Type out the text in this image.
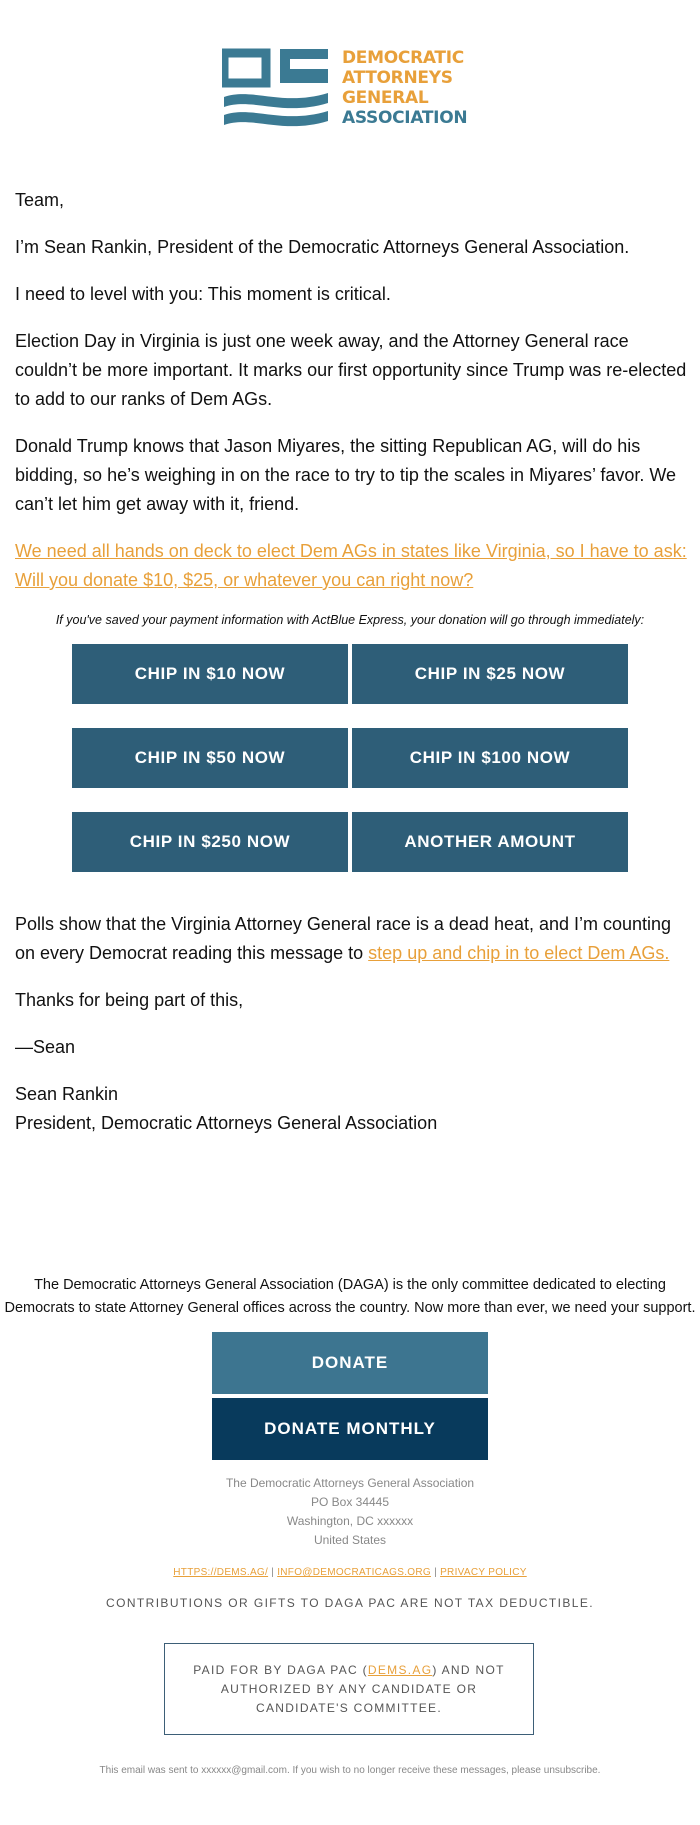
DEMOCRATIC
ATTORNEYS
GENERAL
ASSOCIATION

Team,

I’m Sean Rankin, President of the Democratic Attorneys General Association.

I need to level with you: This moment is critical.

Election Day in Virginia is just one week away, and the Attorney General race couldn’t be more important. It marks our first opportunity since Trump was re-elected to add to our ranks of Dem AGs.

Donald Trump knows that Jason Miyares, the sitting Republican AG, will do his bidding, so he’s weighing in on the race to try to tip the scales in Miyares’ favor. We can’t let him get away with it, friend.

We need all hands on deck to elect Dem AGs in states like Virginia, so I have to ask: Will you donate $10, $25, or whatever you can right now?

If you've saved your payment information with ActBlue Express, your donation will go through immediately:
CHIP IN $10 NOW	CHIP IN $25 NOW
CHIP IN $50 NOW	CHIP IN $100 NOW
CHIP IN $250 NOW	ANOTHER AMOUNT

Polls show that the Virginia Attorney General race is a dead heat, and I’m counting on every Democrat reading this message to step up and chip in to elect Dem AGs.

Thanks for being part of this,

—Sean

Sean Rankin

President, Democratic Attorneys General Association

The Democratic Attorneys General Association (DAGA) is the only committee dedicated to electing Democrats to state Attorney General offices across the country. Now more than ever, we need your support.
DONATE
DONATE MONTHLY
The Democratic Attorneys General Association
PO Box 34445
Washington, DC xxxxxx
United States
HTTPS://DEMS.AG/ | INFO@DEMOCRATICAGS.ORG | PRIVACY POLICY
CONTRIBUTIONS OR GIFTS TO DAGA PAC ARE NOT TAX DEDUCTIBLE.
PAID FOR BY DAGA PAC (DEMS.AG) AND NOT AUTHORIZED BY ANY CANDIDATE OR CANDIDATE'S COMMITTEE.
This email was sent to xxxxxx@gmail.com. If you wish to no longer receive these messages, please unsubscribe.
